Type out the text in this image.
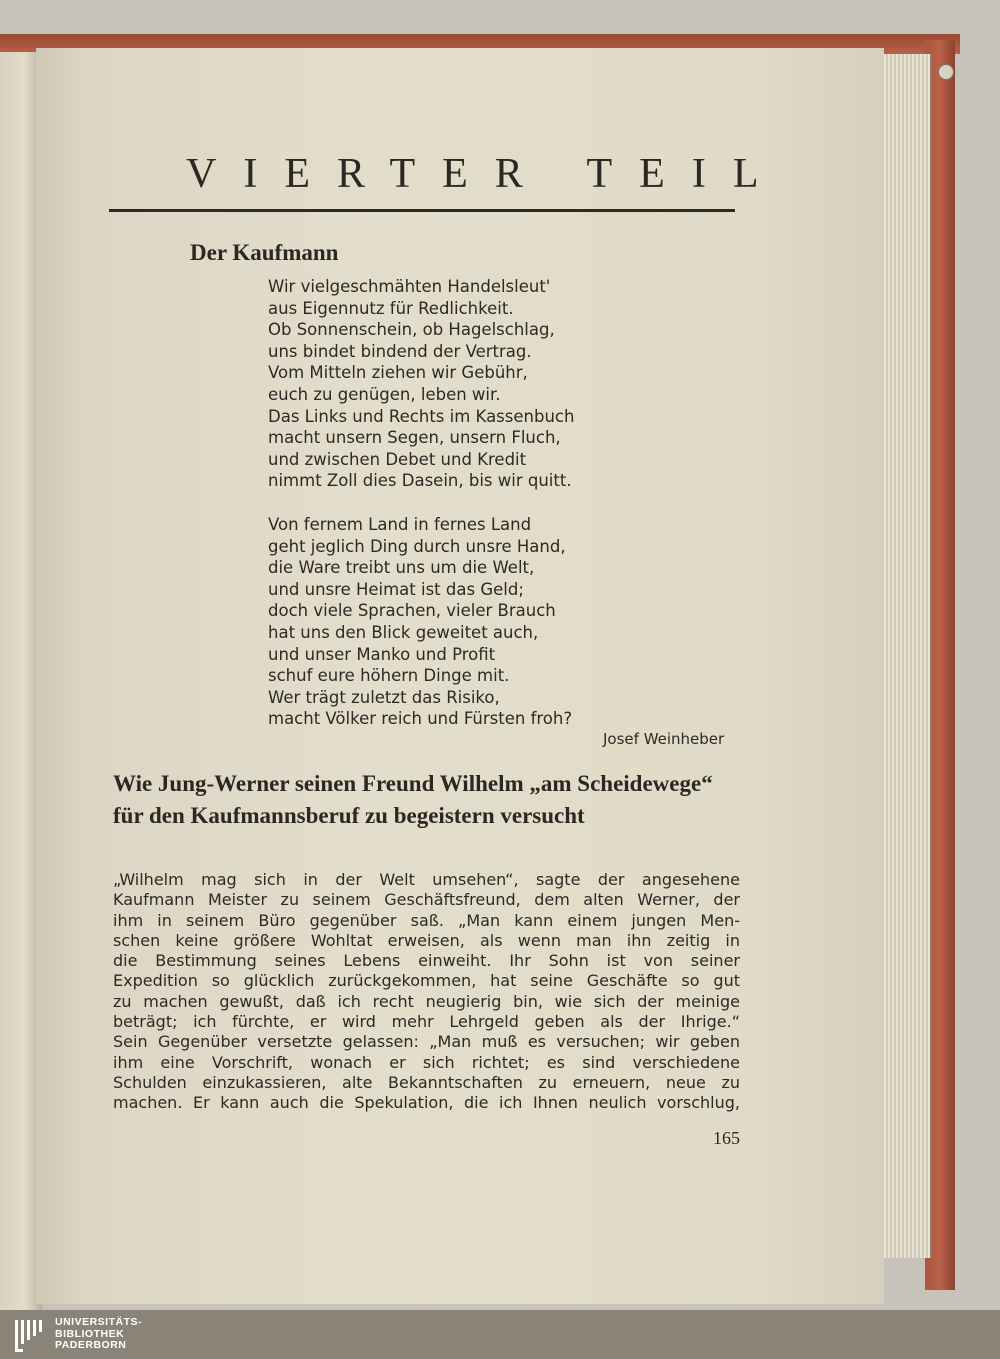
VIERTER TEIL
Der Kaufmann
Wir vielgeschmähten Handelsleut'
aus Eigennutz für Redlichkeit.
Ob Sonnenschein, ob Hagelschlag,
uns bindet bindend der Vertrag.
Vom Mitteln ziehen wir Gebühr,
euch zu genügen, leben wir.
Das Links und Rechts im Kassenbuch
macht unsern Segen, unsern Fluch,
und zwischen Debet und Kredit
nimmt Zoll dies Dasein, bis wir quitt.
Von fernem Land in fernes Land
geht jeglich Ding durch unsre Hand,
die Ware treibt uns um die Welt,
und unsre Heimat ist das Geld;
doch viele Sprachen, vieler Brauch
hat uns den Blick geweitet auch,
und unser Manko und Profit
schuf eure höhern Dinge mit.
Wer trägt zuletzt das Risiko,
macht Völker reich und Fürsten froh?
Josef Weinheber
Wie Jung-Werner seinen Freund Wilhelm „am Scheidewege“ für den Kaufmannsberuf zu begeistern versucht
„Wilhelm mag sich in der Welt umsehen“, sagte der angesehene
Kaufmann Meister zu seinem Geschäftsfreund, dem alten Werner, der
ihm in seinem Büro gegenüber saß. „Man kann einem jungen Men-
schen keine größere Wohltat erweisen, als wenn man ihn zeitig in
die Bestimmung seines Lebens einweiht. Ihr Sohn ist von seiner
Expedition so glücklich zurückgekommen, hat seine Geschäfte so gut
zu machen gewußt, daß ich recht neugierig bin, wie sich der meinige
beträgt; ich fürchte, er wird mehr Lehrgeld geben als der Ihrige.“
Sein Gegenüber versetzte gelassen: „Man muß es versuchen; wir geben
ihm eine Vorschrift, wonach er sich richtet; es sind verschiedene
Schulden einzukassieren, alte Bekanntschaften zu erneuern, neue zu
machen. Er kann auch die Spekulation, die ich Ihnen neulich vorschlug,
165
UNIVERSITÄTS-
BIBLIOTHEK
PADERBORN
